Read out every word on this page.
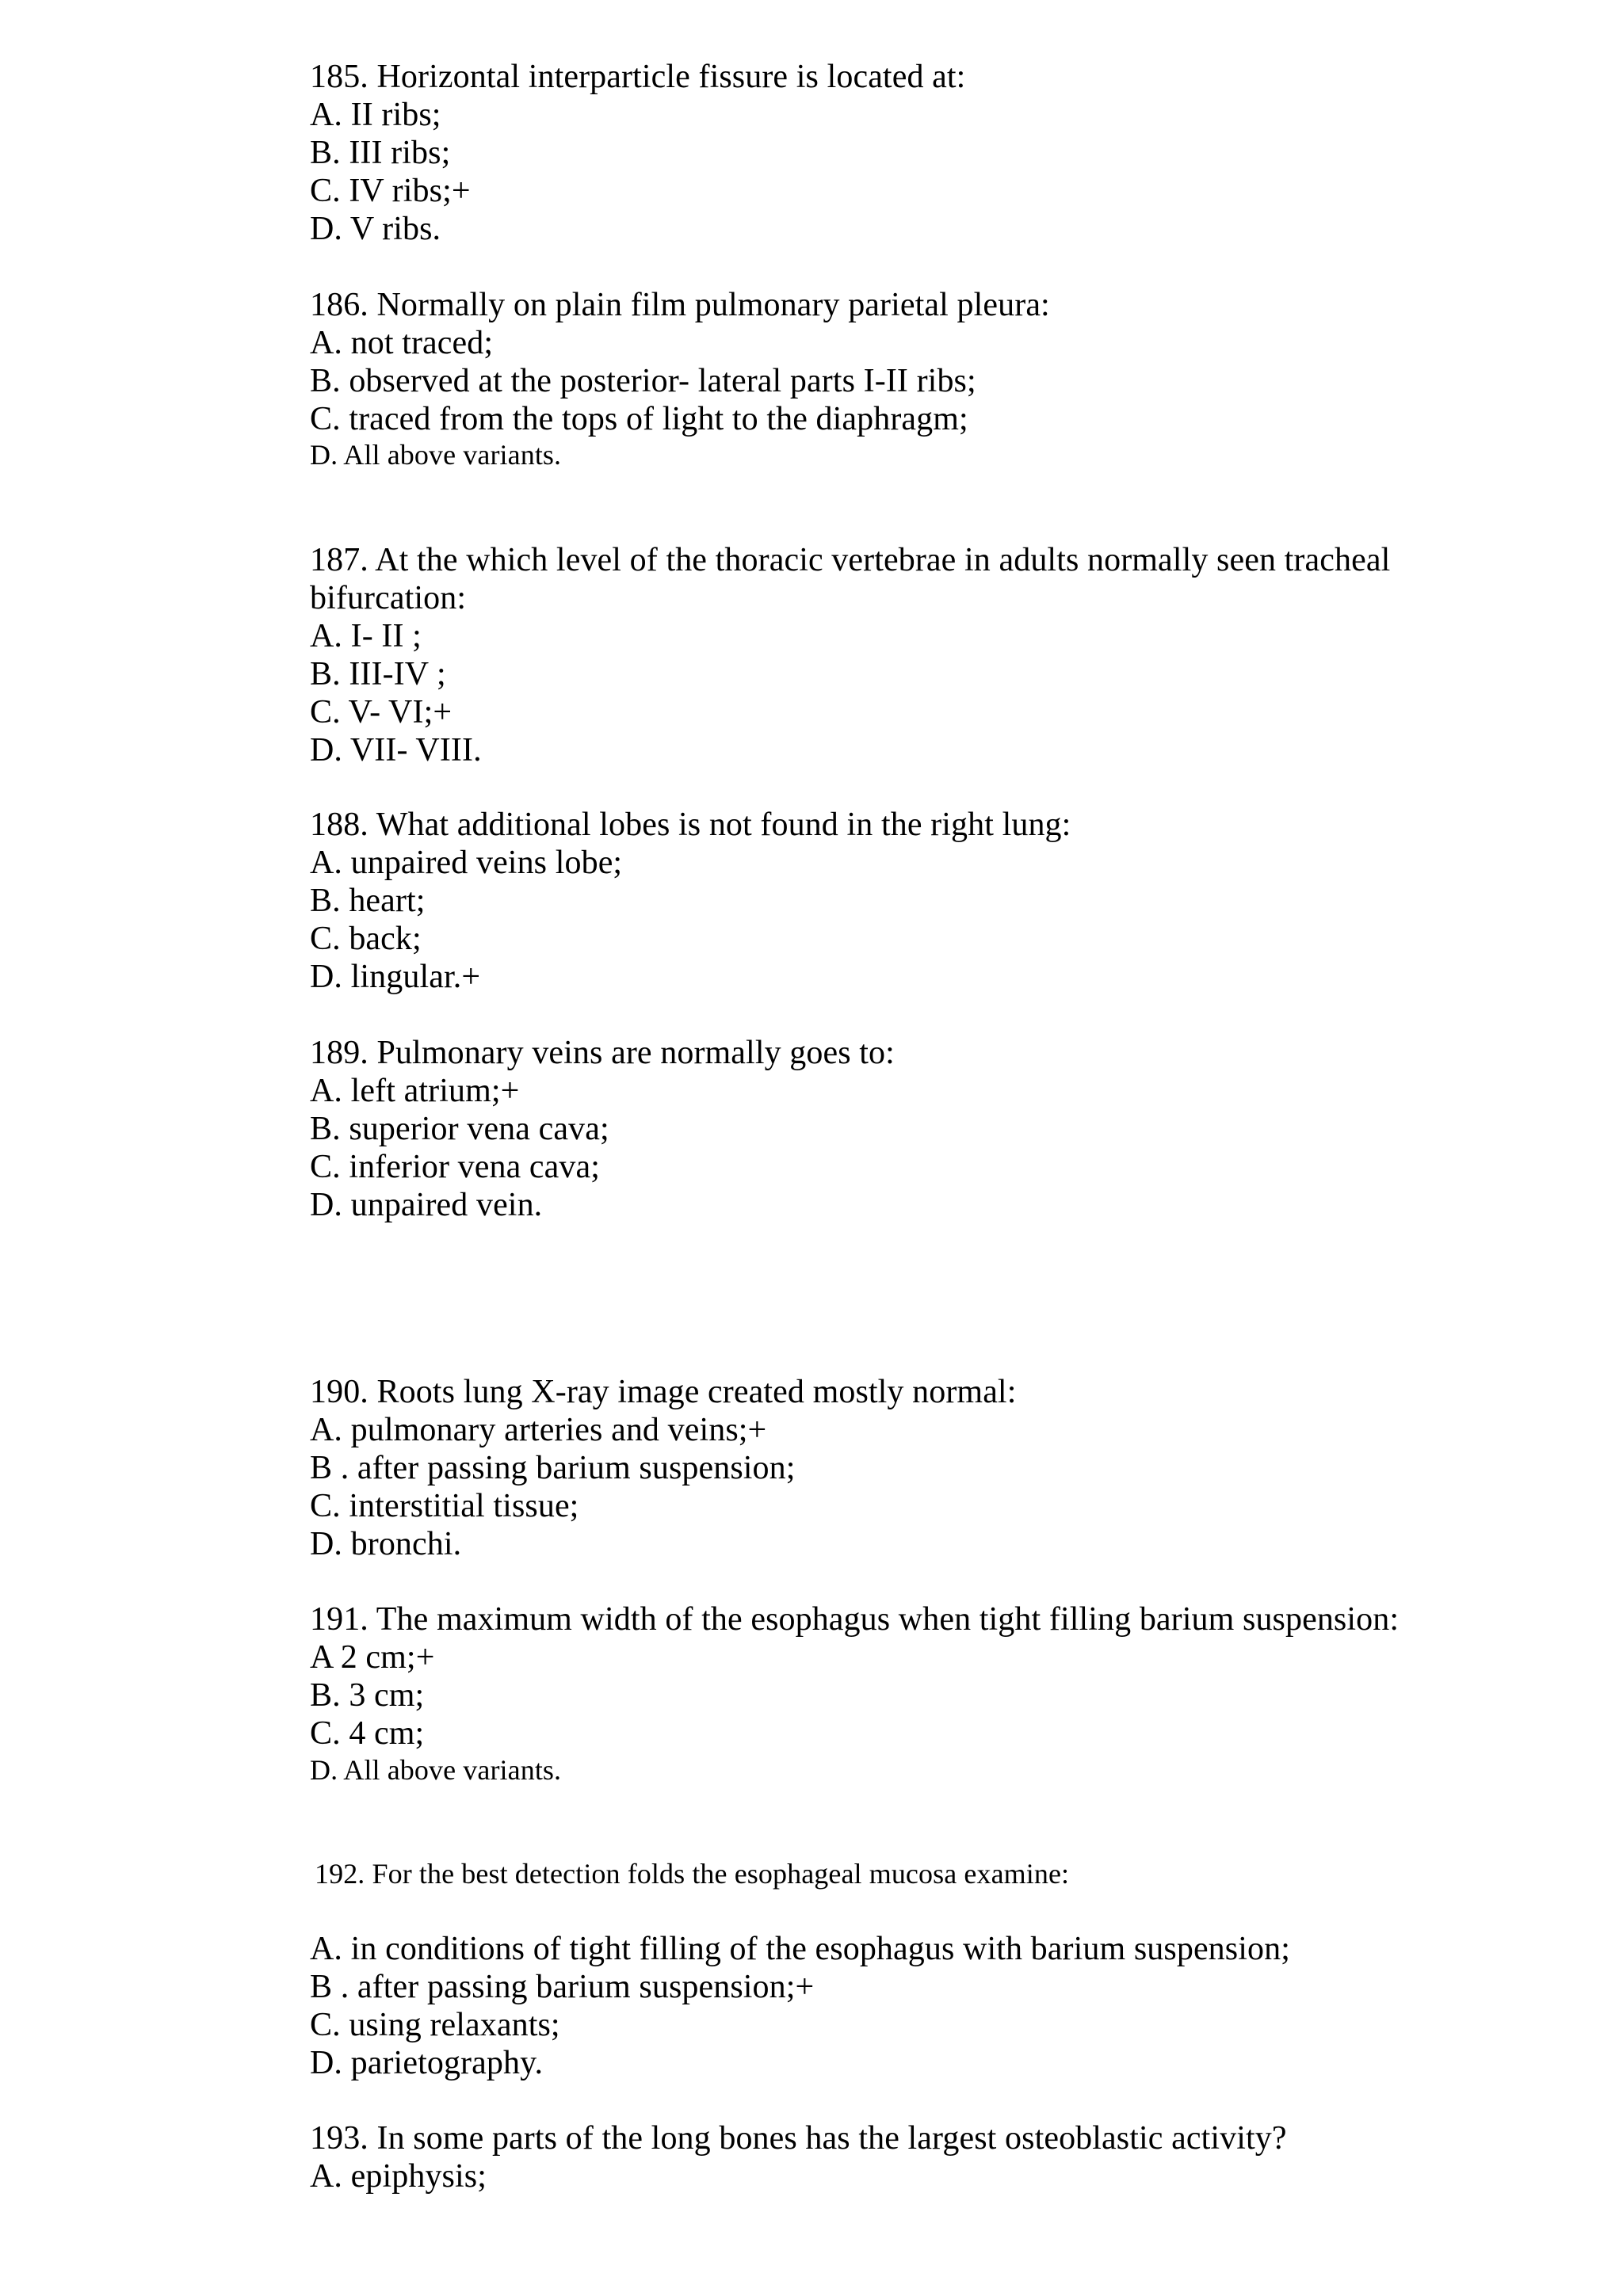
185. Horizontal interparticle fissure is located at:
A. II ribs;
B. III ribs;
C. IV ribs;+
D. V ribs.
186. Normally on plain film pulmonary parietal pleura:
A. not traced;
B. observed at the posterior- lateral parts I-II ribs;
C. traced from the tops of light to the diaphragm;
D. All above variants.
187. At the which level of the thoracic vertebrae in adults normally seen tracheal
bifurcation:
A. I- II ;
B. III-IV ;
C. V- VI;+
D. VII- VIII.
188. What additional lobes is not found in the right lung:
A. unpaired veins lobe;
B. heart;
C. back;
D. lingular.+
189. Pulmonary veins are normally goes to:
A. left atrium;+
B. superior vena cava;
C. inferior vena cava;
D. unpaired vein.
190. Roots lung X-ray image created mostly normal:
A. pulmonary arteries and veins;+
B . after passing barium suspension;
C. interstitial tissue;
D. bronchi.
191. The maximum width of the esophagus when tight filling barium suspension:
A 2 cm;+
B. 3 cm;
C. 4 cm;
D. All above variants.
192. For the best detection folds the esophageal mucosa examine:
A. in conditions of tight filling of the esophagus with barium suspension;
B . after passing barium suspension;+
C. using relaxants;
D. parietography.
193. In some parts of the long bones has the largest osteoblastic activity?
A. epiphysis;
